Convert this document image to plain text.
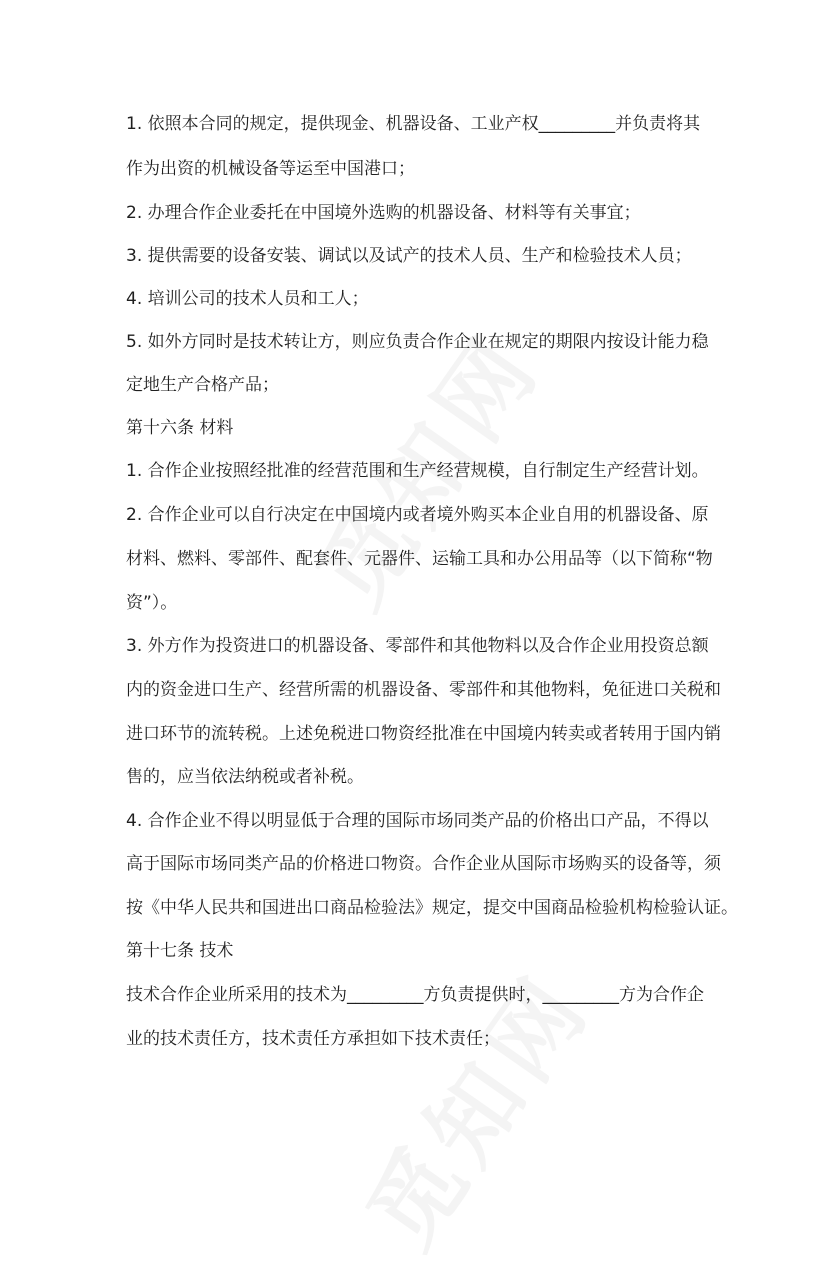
1. 依照本合同的规定，提供现金、机器设备、工业产权_________并负责将其
作为出资的机械设备等运至中国港口；
2. 办理合作企业委托在中国境外选购的机器设备、材料等有关事宜；
3. 提供需要的设备安装、调试以及试产的技术人员、生产和检验技术人员；
4. 培训公司的技术人员和工人；
5. 如外方同时是技术转让方，则应负责合作企业在规定的期限内按设计能力稳
定地生产合格产品；
第十六条 材料
1. 合作企业按照经批准的经营范围和生产经营规模，自行制定生产经营计划。
2. 合作企业可以自行决定在中国境内或者境外购买本企业自用的机器设备、原
材料、燃料、零部件、配套件、元器件、运输工具和办公用品等（以下简称“物
资”）。
3. 外方作为投资进口的机器设备、零部件和其他物料以及合作企业用投资总额
内的资金进口生产、经营所需的机器设备、零部件和其他物料，免征进口关税和
进口环节的流转税。上述免税进口物资经批准在中国境内转卖或者转用于国内销
售的，应当依法纳税或者补税。
4. 合作企业不得以明显低于合理的国际市场同类产品的价格出口产品，不得以
高于国际市场同类产品的价格进口物资。合作企业从国际市场购买的设备等，须
按《中华人民共和国进出口商品检验法》规定，提交中国商品检验机构检验认证。
第十七条 技术
技术合作企业所采用的技术为_________方负责提供时，_________方为合作企
业的技术责任方，技术责任方承担如下技术责任；
